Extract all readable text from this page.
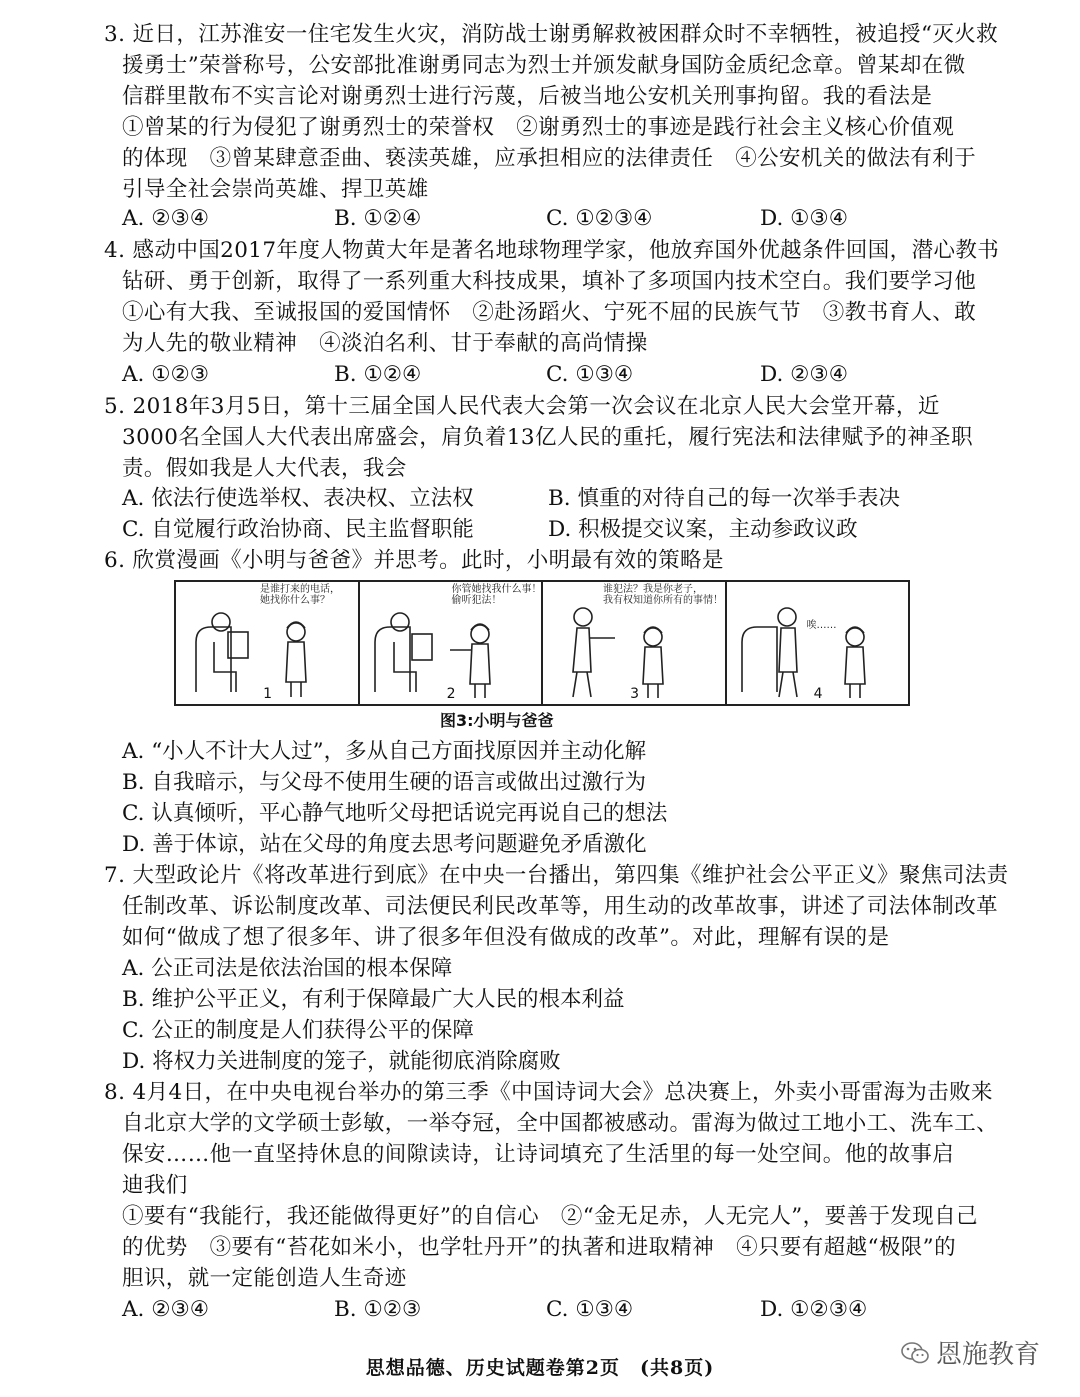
3. 近日，江苏淮安一住宅发生火灾，消防战士谢勇解救被困群众时不幸牺牲，被追授“灭火救
援勇士”荣誉称号，公安部批准谢勇同志为烈士并颁发献身国防金质纪念章。曾某却在微
信群里散布不实言论对谢勇烈士进行污蔑，后被当地公安机关刑事拘留。我的看法是
①曾某的行为侵犯了谢勇烈士的荣誉权　②谢勇烈士的事迹是践行社会主义核心价值观
的体现　③曾某肆意歪曲、亵渎英雄，应承担相应的法律责任　④公安机关的做法有利于
引导全社会崇尚英雄、捍卫英雄
A. ②③④	B. ①②④	C. ①②③④	D. ①③④
4. 感动中国2017年度人物黄大年是著名地球物理学家，他放弃国外优越条件回国，潜心教书
钻研、勇于创新，取得了一系列重大科技成果，填补了多项国内技术空白。我们要学习他
①心有大我、至诚报国的爱国情怀　②赴汤蹈火、宁死不屈的民族气节　③教书育人、敢
为人先的敬业精神　④淡泊名利、甘于奉献的高尚情操
A. ①②③	B. ①②④	C. ①③④	D. ②③④
5. 2018年3月5日，第十三届全国人民代表大会第一次会议在北京人民大会堂开幕，近
3000名全国人大代表出席盛会，肩负着13亿人民的重托，履行宪法和法律赋予的神圣职
责。假如我是人大代表，我会
A. 依法行使选举权、表决权、立法权	B. 慎重的对待自己的每一次举手表决
C. 自觉履行政治协商、民主监督职能	D. 积极提交议案，主动参政议政
6. 欣赏漫画《小明与爸爸》并思考。此时，小明最有效的策略是
是谁打来的电话，
她找你什么事？
1
你管她找我什么事！
偷听犯法！
2
谁犯法？我是你老子，
我有权知道你所有的事情！
3
唉……
4
图3:小明与爸爸
A. “小人不计大人过”，多从自己方面找原因并主动化解
B. 自我暗示，与父母不使用生硬的语言或做出过激行为
C. 认真倾听，平心静气地听父母把话说完再说自己的想法
D. 善于体谅，站在父母的角度去思考问题避免矛盾激化
7. 大型政论片《将改革进行到底》在中央一台播出，第四集《维护社会公平正义》聚焦司法责
任制改革、诉讼制度改革、司法便民利民改革等，用生动的改革故事，讲述了司法体制改革
如何“做成了想了很多年、讲了很多年但没有做成的改革”。对此，理解有误的是
A. 公正司法是依法治国的根本保障
B. 维护公平正义，有利于保障最广大人民的根本利益
C. 公正的制度是人们获得公平的保障
D. 将权力关进制度的笼子，就能彻底消除腐败
8. 4月4日，在中央电视台举办的第三季《中国诗词大会》总决赛上，外卖小哥雷海为击败来
自北京大学的文学硕士彭敏，一举夺冠，全中国都被感动。雷海为做过工地小工、洗车工、
保安……他一直坚持休息的间隙读诗，让诗词填充了生活里的每一处空间。他的故事启
迪我们
①要有“我能行，我还能做得更好”的自信心　②“金无足赤，人无完人”，要善于发现自己
的优势　③要有“苔花如米小，也学牡丹开”的执著和进取精神　④只要有超越“极限”的
胆识，就一定能创造人生奇迹
A. ②③④	B. ①②③	C. ①③④	D. ①②③④
恩施教育
思想品德、历史试题卷第2页　(共8页)
